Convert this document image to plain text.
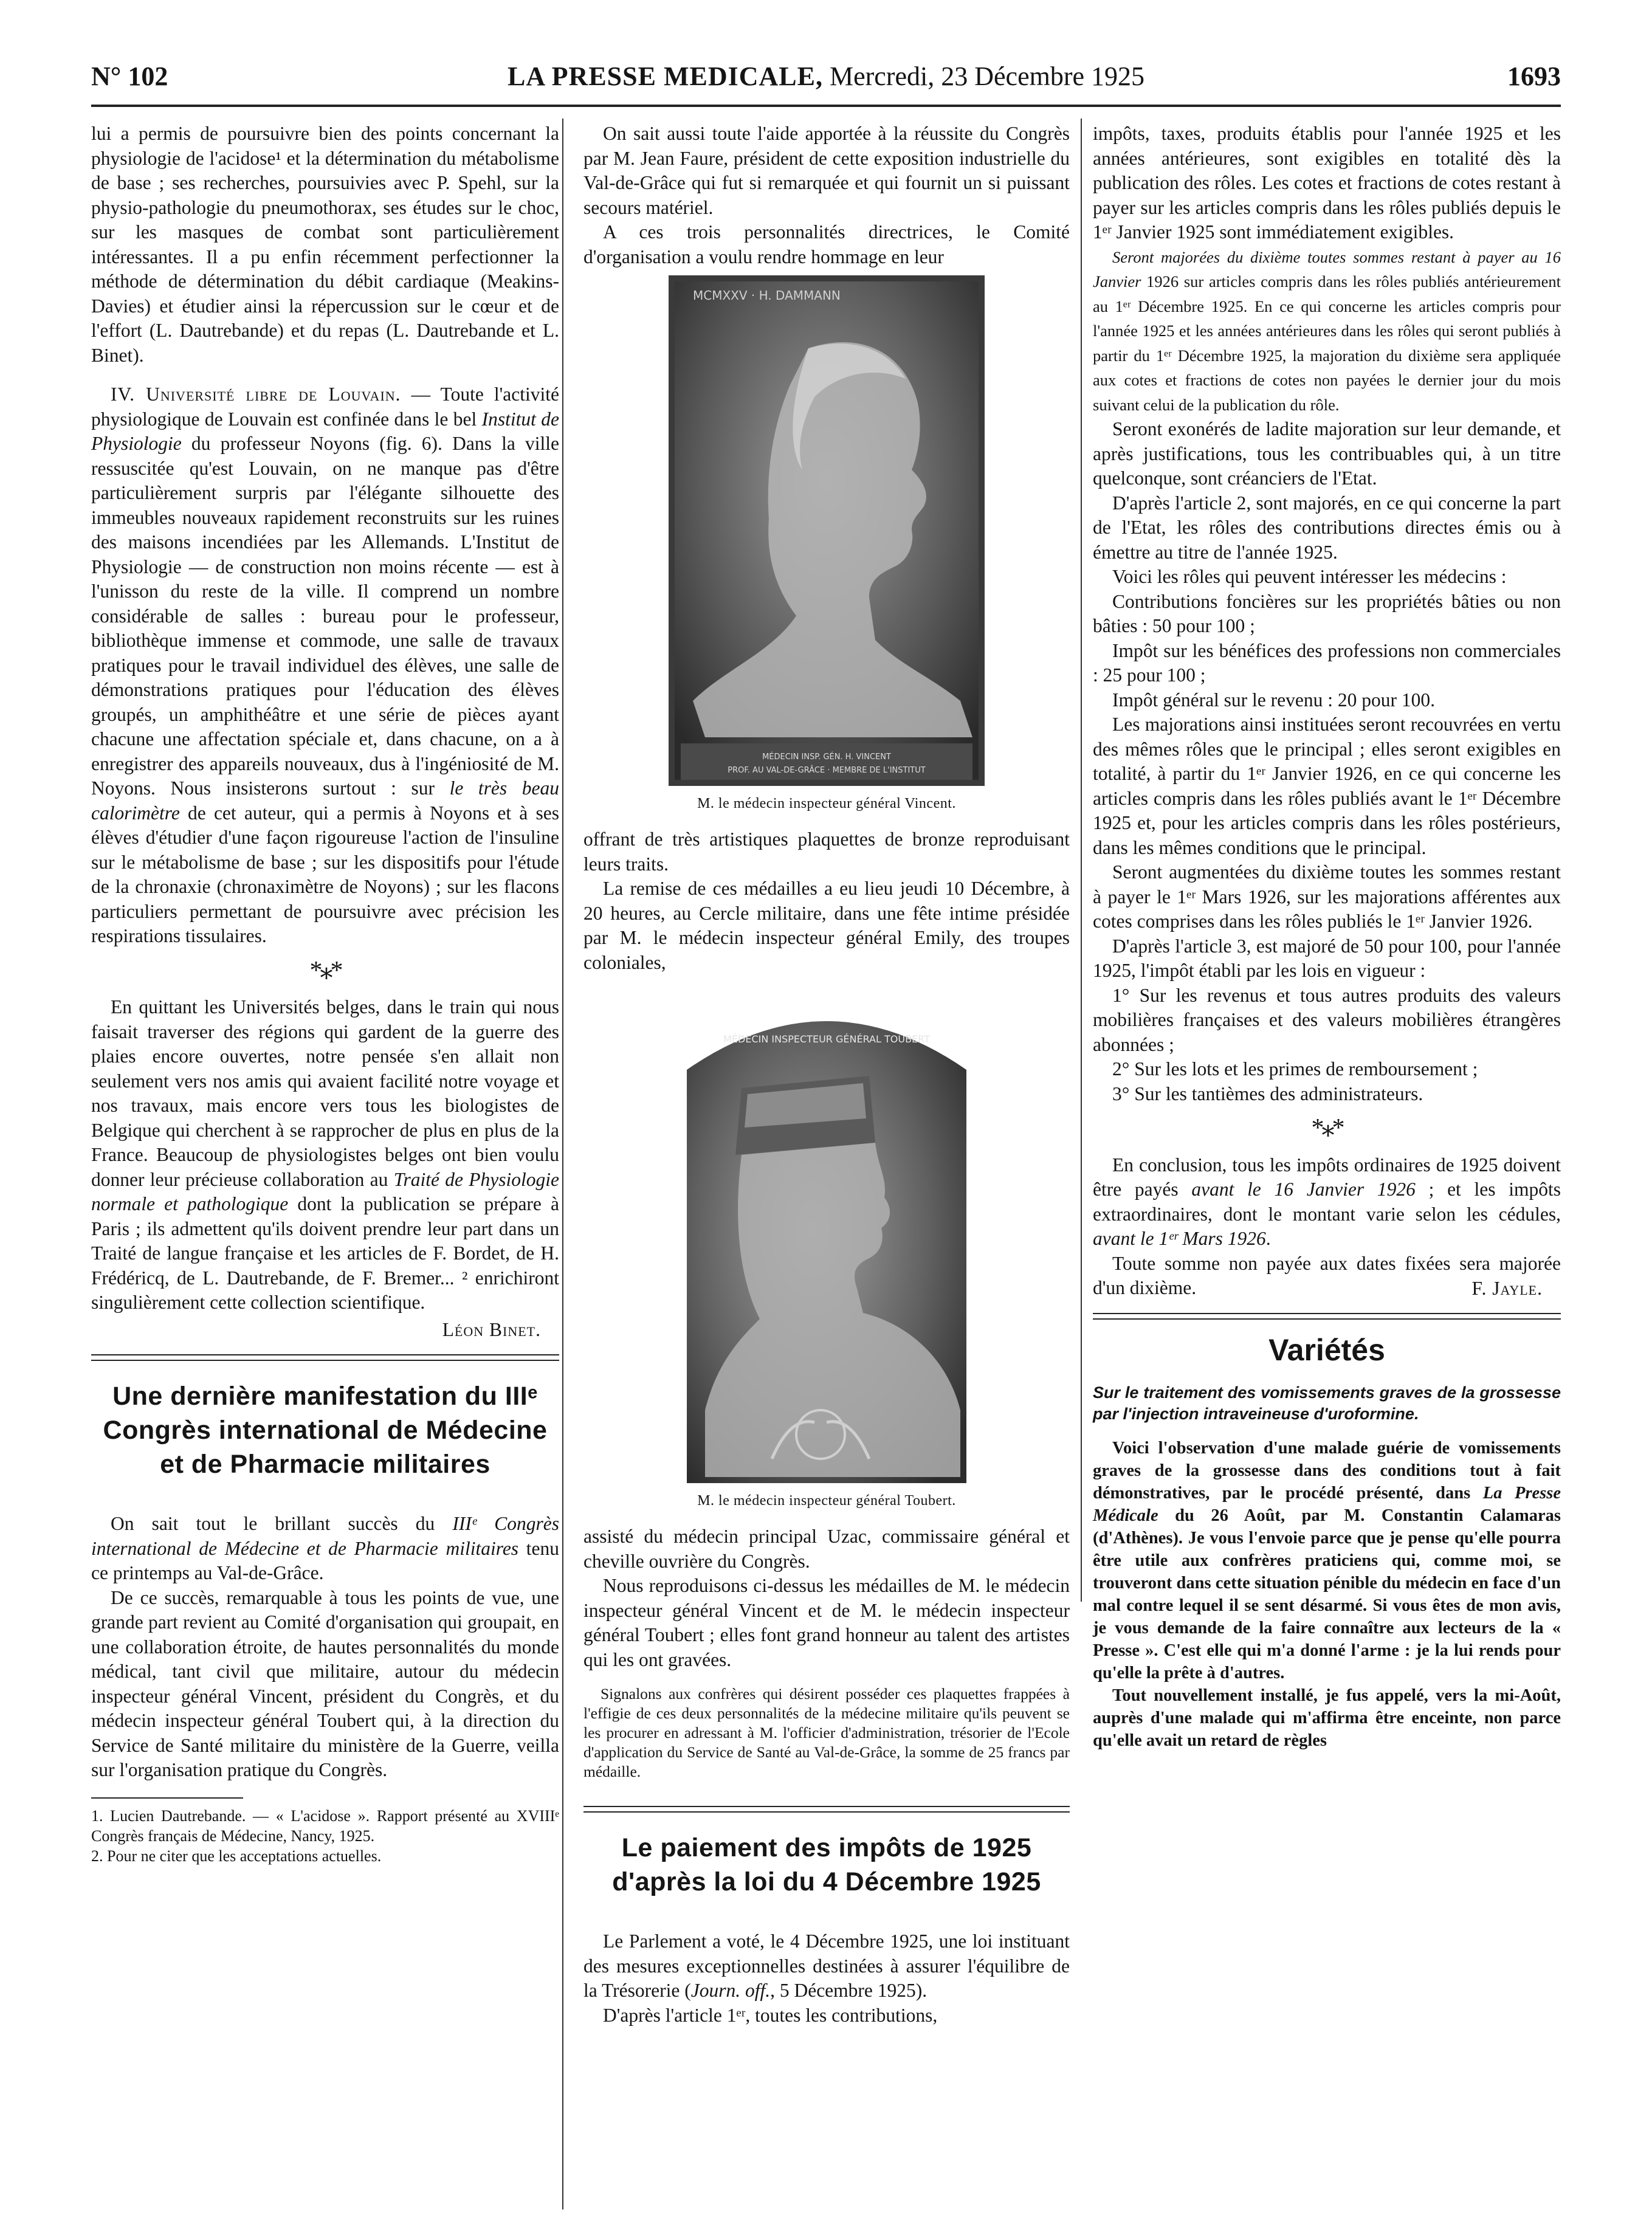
N° 102	LA PRESSE MEDICALE, Mercredi, 23 Décembre 1925	1693

lui a permis de poursuivre bien des points concernant la physiologie de l'acidose¹ et la détermination du métabolisme de base ; ses recherches, poursuivies avec P. Spehl, sur la physio-pathologie du pneumothorax, ses études sur le choc, sur les masques de combat sont particulièrement intéressantes. Il a pu enfin récemment perfectionner la méthode de détermination du débit cardiaque (Meakins-Davies) et étudier ainsi la répercussion sur le cœur et de l'effort (L. Dautrebande) et du repas (L. Dautrebande et L. Binet).

IV. Université libre de Louvain. — Toute l'activité physiologique de Louvain est confinée dans le bel Institut de Physiologie du professeur Noyons (fig. 6). Dans la ville ressuscitée qu'est Louvain, on ne manque pas d'être particulièrement surpris par l'élégante silhouette des immeubles nouveaux rapidement reconstruits sur les ruines des maisons incendiées par les Allemands. L'Institut de Physiologie — de construction non moins récente — est à l'unisson du reste de la ville. Il comprend un nombre considérable de salles : bureau pour le professeur, bibliothèque immense et commode, une salle de travaux pratiques pour le travail individuel des élèves, une salle de démonstrations pratiques pour l'éducation des élèves groupés, un amphithéâtre et une série de pièces ayant chacune une affectation spéciale et, dans chacune, on a à enregistrer des appareils nouveaux, dus à l'ingéniosité de M. Noyons. Nous insisterons surtout : sur le très beau calorimètre de cet auteur, qui a permis à Noyons et à ses élèves d'étudier d'une façon rigoureuse l'action de l'insuline sur le métabolisme de base ; sur les dispositifs pour l'étude de la chronaxie (chronaximètre de Noyons) ; sur les flacons particuliers permettant de poursuivre avec précision les respirations tissulaires.

*⁎*

En quittant les Universités belges, dans le train qui nous faisait traverser des régions qui gardent de la guerre des plaies encore ouvertes, notre pensée s'en allait non seulement vers nos amis qui avaient facilité notre voyage et nos travaux, mais encore vers tous les biologistes de Belgique qui cherchent à se rapprocher de plus en plus de la France. Beaucoup de physiologistes belges ont bien voulu donner leur précieuse collaboration au Traité de Physiologie normale et pathologique dont la publication se prépare à Paris ; ils admettent qu'ils doivent prendre leur part dans un Traité de langue française et les articles de F. Bordet, de H. Frédéricq, de L. Dautrebande, de F. Bremer... ² enrichiront singulièrement cette collection scientifique.

Léon Binet.
Une dernière manifestation du IIIᵉ Congrès international de Médecine et de Pharmacie militaires

On sait tout le brillant succès du IIIᵉ Congrès international de Médecine et de Pharmacie militaires tenu ce printemps au Val-de-Grâce.

De ce succès, remarquable à tous les points de vue, une grande part revient au Comité d'organisation qui groupait, en une collaboration étroite, de hautes personnalités du monde médical, tant civil que militaire, autour du médecin inspecteur général Vincent, président du Congrès, et du médecin inspecteur général Toubert qui, à la direction du Service de Santé militaire du ministère de la Guerre, veilla sur l'organisation pratique du Congrès.

1. Lucien Dautrebande. — « L'acidose ». Rapport présenté au XVIIIᵉ Congrès français de Médecine, Nancy, 1925.

2. Pour ne citer que les acceptations actuelles.

On sait aussi toute l'aide apportée à la réussite du Congrès par M. Jean Faure, président de cette exposition industrielle du Val-de-Grâce qui fut si remarquée et qui fournit un si puissant secours matériel.

A ces trois personnalités directrices, le Comité d'organisation a voulu rendre hommage en leur

MCMXXV · H. DAMMANN
MÉDECIN INSP. GÉN. H. VINCENT
PROF. AU VAL-DE-GRÂCE · MEMBRE DE L'INSTITUT
M. le médecin inspecteur général Vincent.

offrant de très artistiques plaquettes de bronze reproduisant leurs traits.

La remise de ces médailles a eu lieu jeudi 10 Décembre, à 20 heures, au Cercle militaire, dans une fête intime présidée par M. le médecin inspecteur général Emily, des troupes coloniales,

MÉDECIN INSPECTEUR GÉNÉRAL TOUBERT
M. le médecin inspecteur général Toubert.

assisté du médecin principal Uzac, commissaire général et cheville ouvrière du Congrès.

Nous reproduisons ci-dessus les médailles de M. le médecin inspecteur général Vincent et de M. le médecin inspecteur général Toubert ; elles font grand honneur au talent des artistes qui les ont gravées.

Signalons aux confrères qui désirent posséder ces plaquettes frappées à l'effigie de ces deux personnalités de la médecine militaire qu'ils peuvent se les procurer en adressant à M. l'officier d'administration, trésorier de l'Ecole d'application du Service de Santé au Val-de-Grâce, la somme de 25 francs par médaille.

Le paiement des impôts de 1925 d'après la loi du 4 Décembre 1925

Le Parlement a voté, le 4 Décembre 1925, une loi instituant des mesures exceptionnelles destinées à assurer l'équilibre de la Trésorerie (Journ. off., 5 Décembre 1925).

D'après l'article 1ᵉʳ, toutes les contributions,

impôts, taxes, produits établis pour l'année 1925 et les années antérieures, sont exigibles en totalité dès la publication des rôles. Les cotes et fractions de cotes restant à payer sur les articles compris dans les rôles publiés depuis le 1ᵉʳ Janvier 1925 sont immédiatement exigibles.

Seront majorées du dixième toutes sommes restant à payer au 16 Janvier 1926 sur articles compris dans les rôles publiés antérieurement au 1ᵉʳ Décembre 1925. En ce qui concerne les articles compris pour l'année 1925 et les années antérieures dans les rôles qui seront publiés à partir du 1ᵉʳ Décembre 1925, la majoration du dixième sera appliquée aux cotes et fractions de cotes non payées le dernier jour du mois suivant celui de la publication du rôle.

Seront exonérés de ladite majoration sur leur demande, et après justifications, tous les contribuables qui, à un titre quelconque, sont créanciers de l'Etat.

D'après l'article 2, sont majorés, en ce qui concerne la part de l'Etat, les rôles des contributions directes émis ou à émettre au titre de l'année 1925.

Voici les rôles qui peuvent intéresser les médecins :

Contributions foncières sur les propriétés bâties ou non bâties : 50 pour 100 ;

Impôt sur les bénéfices des professions non commerciales : 25 pour 100 ;

Impôt général sur le revenu : 20 pour 100.

Les majorations ainsi instituées seront recouvrées en vertu des mêmes rôles que le principal ; elles seront exigibles en totalité, à partir du 1ᵉʳ Janvier 1926, en ce qui concerne les articles compris dans les rôles publiés avant le 1ᵉʳ Décembre 1925 et, pour les articles compris dans les rôles postérieurs, dans les mêmes conditions que le principal.

Seront augmentées du dixième toutes les sommes restant à payer le 1ᵉʳ Mars 1926, sur les majorations afférentes aux cotes comprises dans les rôles publiés le 1ᵉʳ Janvier 1926.

D'après l'article 3, est majoré de 50 pour 100, pour l'année 1925, l'impôt établi par les lois en vigueur :

1° Sur les revenus et tous autres produits des valeurs mobilières françaises et des valeurs mobilières étrangères abonnées ;

2° Sur les lots et les primes de remboursement ;

3° Sur les tantièmes des administrateurs.

*⁎*

En conclusion, tous les impôts ordinaires de 1925 doivent être payés avant le 16 Janvier 1926 ; et les impôts extraordinaires, dont le montant varie selon les cédules, avant le 1ᵉʳ Mars 1926.

Toute somme non payée aux dates fixées sera majorée d'un dixième.	F. Jayle.
Variétés
Sur le traitement des vomissements graves de la grossesse par l'injection intraveineuse d'uroformine.

Voici l'observation d'une malade guérie de vomissements graves de la grossesse dans des conditions tout à fait démonstratives, par le procédé présenté, dans La Presse Médicale du 26 Août, par M. Constantin Calamaras (d'Athènes). Je vous l'envoie parce que je pense qu'elle pourra être utile aux confrères praticiens qui, comme moi, se trouveront dans cette situation pénible du médecin en face d'un mal contre lequel il se sent désarmé. Si vous êtes de mon avis, je vous demande de la faire connaître aux lecteurs de la « Presse ». C'est elle qui m'a donné l'arme : je la lui rends pour qu'elle la prête à d'autres.

Tout nouvellement installé, je fus appelé, vers la mi-Août, auprès d'une malade qui m'affirma être enceinte, non parce qu'elle avait un retard de règles
